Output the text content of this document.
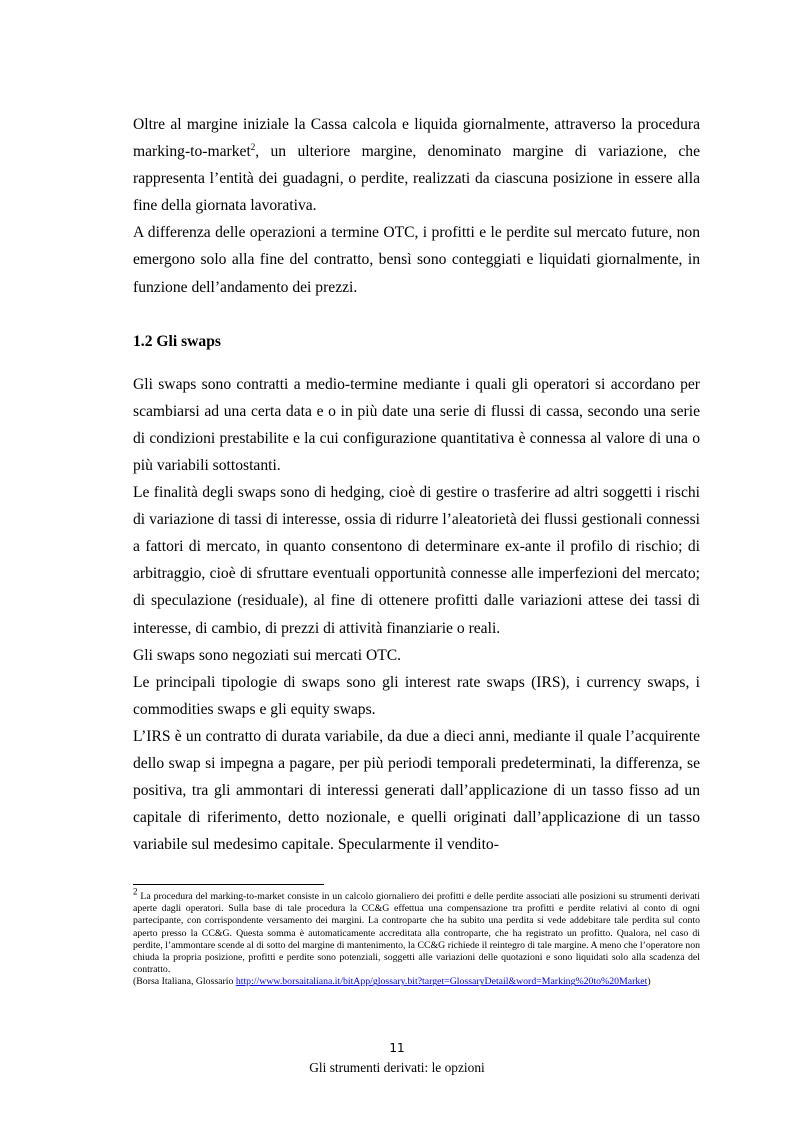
Oltre al margine iniziale la Cassa calcola e liquida giornalmente, attraverso la procedura marking-to-market$^2$, un ulteriore margine, denominato margine di variazione, che rappresenta l’entità dei guadagni, o perdite, realizzati da ciascuna posizione in essere alla fine della giornata lavorativa.

A differenza delle operazioni a termine OTC, i profitti e le perdite sul mercato future, non emergono solo alla fine del contratto, bensì sono conteggiati e liquidati giornalmente, in funzione dell’andamento dei prezzi.

1.2 Gli swaps

Gli swaps sono contratti a medio-termine mediante i quali gli operatori si accordano per scambiarsi ad una certa data e o in più date una serie di flussi di cassa, secondo una serie di condizioni prestabilite e la cui configurazione quantitativa è connessa al valore di una o più variabili sottostanti.

Le finalità degli swaps sono di hedging, cioè di gestire o trasferire ad altri soggetti i rischi di variazione di tassi di interesse, ossia di ridurre l’aleatorietà dei flussi gestionali connessi a fattori di mercato, in quanto consentono di determinare ex-ante il profilo di rischio; di arbitraggio, cioè di sfruttare eventuali opportunità connesse alle imperfezioni del mercato; di speculazione (residuale), al fine di ottenere profitti dalle variazioni attese dei tassi di interesse, di cambio, di prezzi di attività finanziarie o reali.

Gli swaps sono negoziati sui mercati OTC.

Le principali tipologie di swaps sono gli interest rate swaps (IRS), i currency swaps, i commodities swaps e gli equity swaps.

L’IRS è un contratto di durata variabile, da due a dieci anni, mediante il quale l’acquirente dello swap si impegna a pagare, per più periodi temporali predeterminati, la differenza, se positiva, tra gli ammontari di interessi generati dall’applicazione di un tasso fisso ad un capitale di riferimento, detto nozionale, e quelli originati dall’applicazione di un tasso variabile sul medesimo capitale. Specularmente il vendito-

$^2$ La procedura del marking-to-market consiste in un calcolo giornaliero dei profitti e delle perdite associati alle posizioni su strumenti derivati aperte dagli operatori. Sulla base di tale procedura la CC&G effettua una compensazione tra profitti e perdite relativi al conto di ogni partecipante, con corrispondente versamento dei margini. La controparte che ha subito una perdita si vede addebitare tale perdita sul conto aperto presso la CC&G. Questa somma è automaticamente accreditata alla controparte, che ha registrato un profitto. Qualora, nel caso di perdite, l’ammontare scende al di sotto del margine di mantenimento, la CC&G richiede il reintegro di tale margine. A meno che l’operatore non chiuda la propria posizione, profitti e perdite sono potenziali, soggetti alle variazioni delle quotazioni e sono liquidati solo alla scadenza del contratto.
(Borsa Italiana, Glossario http://www.borsaitaliana.it/bitApp/glossary.bit?target=GlossaryDetail&word=Marking%20to%20Market)
11
Gli strumenti derivati: le opzioni
